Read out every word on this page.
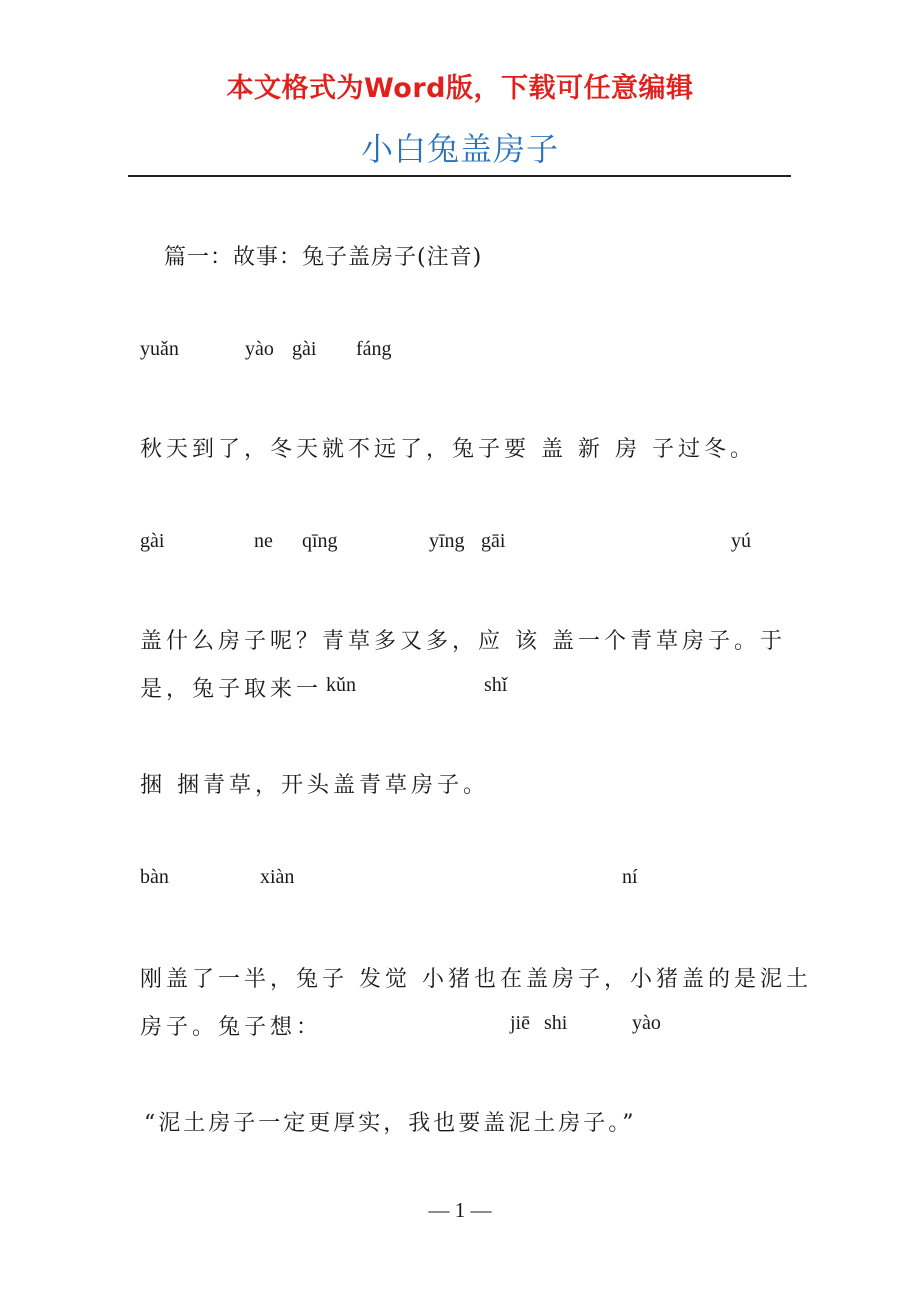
本文格式为Word版，下载可任意编辑
小白兔盖房子
篇一：故事：兔子盖房子(注音)
yuǎn	yào gài fáng
秋天到了，冬天就不远了，兔子要 盖 新 房 子过冬。
gài	ne qīng	yīng gāi	yú
盖什么房子呢？青草多又多，应 该 盖一个青草房子。于
是，兔子取来一 kǔn	shǐ
捆 捆青草，开头盖青草房子。
bàn	xiàn	ní
刚盖了一半，兔子 发觉 小猪也在盖房子，小猪盖的是泥土
房子。兔子想：	jiē shi	yào
“泥土房子一定更厚实，我也要盖泥土房子。”
— 1 —
